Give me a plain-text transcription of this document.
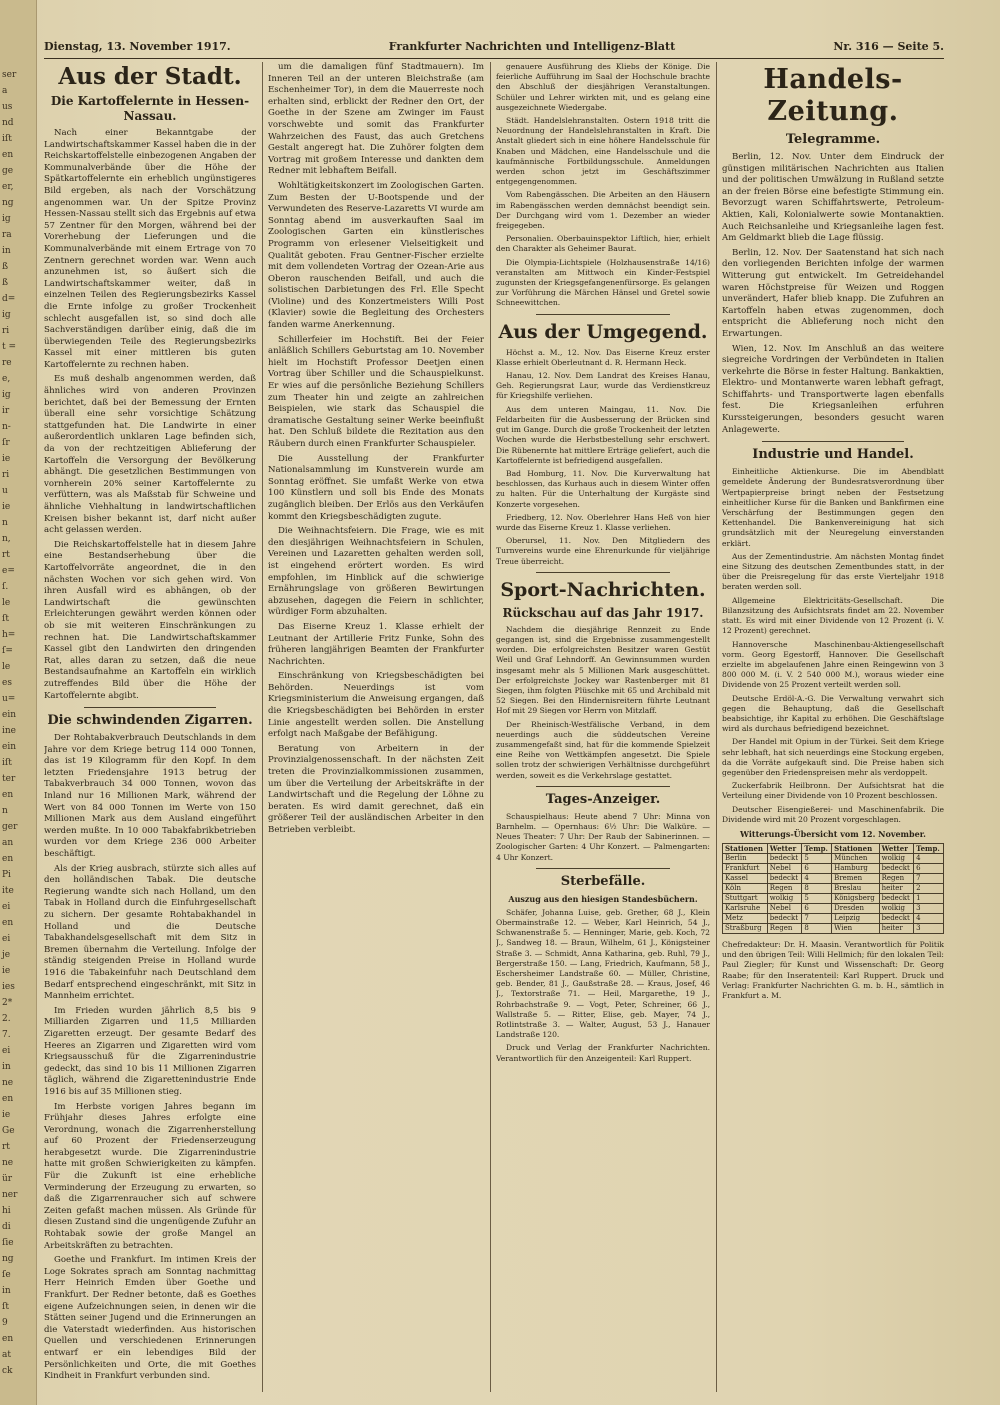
ser
a
us
nd
iſt
en
ge
er,
ng
ig
ra
in
ß
ß
d=
ig
ri
t =
re
e,
ig
ir
n-
ſr
ie
ri
u
ie
n
n,
rt
e=
ſ.
le
ſt
h=
ſ=
le
es
u=
ein
ine
ein
iſt
ter
en
n
ger
an
en
Pi
ite
ei
en
ei
je
ie
ies
2*
2.
7.
ei
in
ne
en
ie
Ge
rt
ne
ür
ner
hi
di
ſie
ng
ſe
in
ſt
9
en
at
ck
Dienstag, 13. November 1917.	Frankfurter Nachrichten und Intelligenz-Blatt	Nr. 316 — Seite 5.
Aus der Stadt.
Die Kartoffelernte in Hessen-Nassau.

Nach einer Bekanntgabe der Landwirtschaftskammer Kassel haben die in der Reichskartoffelstelle einbezogenen Angaben der Kommunalverbände über die Höhe der Spätkartoffelernte ein erheblich ungünstigeres Bild ergeben, als nach der Vorschätzung angenommen war. Un der Spitze Provinz Hessen-Nassau stellt sich das Ergebnis auf etwa 57 Zentner für den Morgen, während bei der Vorerhebung der Lieferungen und die Kommunalverbände mit einem Ertrage von 70 Zentnern gerechnet worden war. Wenn auch anzunehmen ist, so äußert sich die Landwirtschaftskammer weiter, daß in einzelnen Teilen des Regierungsbezirks Kassel die Ernte infolge zu großer Trockenheit schlecht ausgefallen ist, so sind doch alle Sachverständigen darüber einig, daß die im überwiegenden Teile des Regierungsbezirks Kassel mit einer mittleren bis guten Kartoffelernte zu rechnen haben.

Es muß deshalb angenommen werden, daß ähnliches wird von anderen Provinzen berichtet, daß bei der Bemessung der Ernten überall eine sehr vorsichtige Schätzung stattgefunden hat. Die Landwirte in einer außerordentlich unklaren Lage befinden sich, da von der rechtzeitigen Ablieferung der Kartoffeln die Versorgung der Bevölkerung abhängt. Die gesetzlichen Bestimmungen von vornherein 20% seiner Kartoffelernte zu verfüttern, was als Maßstab für Schweine und ähnliche Viehhaltung in landwirtschaftlichen Kreisen bisher bekannt ist, darf nicht außer acht gelassen werden.

Die Reichskartoffelstelle hat in diesem Jahre eine Bestandserhebung über die Kartoffelvorräte angeordnet, die in den nächsten Wochen vor sich gehen wird. Von ihren Ausfall wird es abhängen, ob der Landwirtschaft die gewünschten Erleichterungen gewährt werden können oder ob sie mit weiteren Einschränkungen zu rechnen hat. Die Landwirtschaftskammer Kassel gibt den Landwirten den dringenden Rat, alles daran zu setzen, daß die neue Bestandsaufnahme an Kartoffeln ein wirklich zutreffendes Bild über die Höhe der Kartoffelernte abgibt.

Die schwindenden Zigarren.

Der Rohtabakverbrauch Deutschlands in dem Jahre vor dem Kriege betrug 114 000 Tonnen, das ist 19 Kilogramm für den Kopf. In dem letzten Friedensjahre 1913 betrug der Tabakverbrauch 34 000 Tonnen, wovon das Inland nur 16 Millionen Mark, während der Wert von 84 000 Tonnen im Werte von 150 Millionen Mark aus dem Ausland eingeführt werden mußte. In 10 000 Tabakfabrikbetrieben wurden vor dem Kriege 236 000 Arbeiter beschäftigt.

Als der Krieg ausbrach, stürzte sich alles auf den holländischen Tabak. Die deutsche Regierung wandte sich nach Holland, um den Tabak in Holland durch die Einfuhrgesellschaft zu sichern. Der gesamte Rohtabakhandel in Holland und die Deutsche Tabakhandelsgesellschaft mit dem Sitz in Bremen übernahm die Verteilung. Infolge der ständig steigenden Preise in Holland wurde 1916 die Tabakeinfuhr nach Deutschland dem Bedarf entsprechend eingeschränkt, mit Sitz in Mannheim errichtet.

Im Frieden wurden jährlich 8,5 bis 9 Milliarden Zigarren und 11,5 Milliarden Zigaretten erzeugt. Der gesamte Bedarf des Heeres an Zigarren und Zigaretten wird vom Kriegsausschuß für die Zigarrenindustrie gedeckt, das sind 10 bis 11 Millionen Zigarren täglich, während die Zigarettenindustrie Ende 1916 bis auf 35 Millionen stieg.

Im Herbste vorigen Jahres begann im Frühjahr dieses Jahres erfolgte eine Verordnung, wonach die Zigarrenherstellung auf 60 Prozent der Friedenserzeugung herabgesetzt wurde. Die Zigarrenindustrie hatte mit großen Schwierigkeiten zu kämpfen. Für die Zukunft ist eine erhebliche Verminderung der Erzeugung zu erwarten, so daß die Zigarrenraucher sich auf schwere Zeiten gefaßt machen müssen. Als Gründe für diesen Zustand sind die ungenügende Zufuhr an Rohtabak sowie der große Mangel an Arbeitskräften zu betrachten.

Goethe und Frankfurt. Im intimen Kreis der Loge Sokrates sprach am Sonntag nachmittag Herr Heinrich Emden über Goethe und Frankfurt. Der Redner betonte, daß es Goethes eigene Aufzeichnungen seien, in denen wir die Stätten seiner Jugend und die Erinnerungen an die Vaterstadt wiederfinden. Aus historischen Quellen und verschiedenen Erinnerungen entwarf er ein lebendiges Bild der Persönlichkeiten und Orte, die mit Goethes Kindheit in Frankfurt verbunden sind.

um die damaligen fünf Stadtmauern). Im Inneren Teil an der unteren Bleichstraße (am Eschenheimer Tor), in dem die Mauerreste noch erhalten sind, erblickt der Redner den Ort, der Goethe in der Szene am Zwinger im Faust vorschwebte und somit das Frankfurter Wahrzeichen des Faust, das auch Gretchens Gestalt angeregt hat. Die Zuhörer folgten dem Vortrag mit großem Interesse und dankten dem Redner mit lebhaftem Beifall.

Wohltätigkeitskonzert im Zoologischen Garten. Zum Besten der U-Bootspende und der Verwundeten des Reserve-Lazaretts VI wurde am Sonntag abend im ausverkauften Saal im Zoologischen Garten ein künstlerisches Programm von erlesener Vielseitigkeit und Qualität geboten. Frau Gentner-Fischer erzielte mit dem vollendeten Vortrag der Ozean-Arie aus Oberon rauschenden Beifall, und auch die solistischen Darbietungen des Frl. Elle Specht (Violine) und des Konzertmeisters Willi Post (Klavier) sowie die Begleitung des Orchesters fanden warme Anerkennung.

Schillerfeier im Hochstift. Bei der Feier anläßlich Schillers Geburtstag am 10. November hielt im Hochstift Professor Deetjen einen Vortrag über Schiller und die Schauspielkunst. Er wies auf die persönliche Beziehung Schillers zum Theater hin und zeigte an zahlreichen Beispielen, wie stark das Schauspiel die dramatische Gestaltung seiner Werke beeinflußt hat. Den Schluß bildete die Rezitation aus den Räubern durch einen Frankfurter Schauspieler.

Die Ausstellung der Frankfurter Nationalsammlung im Kunstverein wurde am Sonntag eröffnet. Sie umfaßt Werke von etwa 100 Künstlern und soll bis Ende des Monats zugänglich bleiben. Der Erlös aus den Verkäufen kommt den Kriegsbeschädigten zugute.

Die Weihnachtsfeiern. Die Frage, wie es mit den diesjährigen Weihnachtsfeiern in Schulen, Vereinen und Lazaretten gehalten werden soll, ist eingehend erörtert worden. Es wird empfohlen, im Hinblick auf die schwierige Ernährungslage von größeren Bewirtungen abzusehen, dagegen die Feiern in schlichter, würdiger Form abzuhalten.

Das Eiserne Kreuz 1. Klasse erhielt der Leutnant der Artillerie Fritz Funke, Sohn des früheren langjährigen Beamten der Frankfurter Nachrichten.

Einschränkung von Kriegsbeschädigten bei Behörden. Neuerdings ist vom Kriegsministerium die Anweisung ergangen, daß die Kriegsbeschädigten bei Behörden in erster Linie angestellt werden sollen. Die Anstellung erfolgt nach Maßgabe der Befähigung.

Beratung von Arbeitern in der Provinzialgenossenschaft. In der nächsten Zeit treten die Provinzialkommissionen zusammen, um über die Verteilung der Arbeitskräfte in der Landwirtschaft und die Regelung der Löhne zu beraten. Es wird damit gerechnet, daß ein größerer Teil der ausländischen Arbeiter in den Betrieben verbleibt.

genauere Ausführung des Kliebs der Könige. Die feierliche Aufführung im Saal der Hochschule brachte den Abschluß der diesjährigen Veranstaltungen. Schüler und Lehrer wirkten mit, und es gelang eine ausgezeichnete Wiedergabe.

Städt. Handelslehranstalten. Ostern 1918 tritt die Neuordnung der Handelslehranstalten in Kraft. Die Anstalt gliedert sich in eine höhere Handelsschule für Knaben und Mädchen, eine Handelsschule und die kaufmännische Fortbildungsschule. Anmeldungen werden schon jetzt im Geschäftszimmer entgegengenommen.

Vom Rabengässchen. Die Arbeiten an den Häusern im Rabengässchen werden demnächst beendigt sein. Der Durchgang wird vom 1. Dezember an wieder freigegeben.

Personalien. Oberbauinspektor Liftlich, hier, erhielt den Charakter als Geheimer Baurat.

Die Olympia-Lichtspiele (Holzhausenstraße 14/16) veranstalten am Mittwoch ein Kinder-Festspiel zugunsten der Kriegsgefangenenfürsorge. Es gelangen zur Vorführung die Märchen Hänsel und Gretel sowie Schneewittchen.

Aus der Umgegend.

Höchst a. M., 12. Nov. Das Eiserne Kreuz erster Klasse erhielt Oberleutnant d. R. Hermann Heck.

Hanau, 12. Nov. Dem Landrat des Kreises Hanau, Geh. Regierungsrat Laur, wurde das Verdienstkreuz für Kriegshilfe verliehen.

Aus dem unteren Maingau, 11. Nov. Die Feldarbeiten für die Ausbesserung der Brücken sind gut im Gange. Durch die große Trockenheit der letzten Wochen wurde die Herbstbestellung sehr erschwert. Die Rübenernte hat mittlere Erträge geliefert, auch die Kartoffelernte ist befriedigend ausgefallen.

Bad Homburg, 11. Nov. Die Kurverwaltung hat beschlossen, das Kurhaus auch in diesem Winter offen zu halten. Für die Unterhaltung der Kurgäste sind Konzerte vorgesehen.

Friedberg, 12. Nov. Oberlehrer Hans Heß von hier wurde das Eiserne Kreuz 1. Klasse verliehen.

Oberursel, 11. Nov. Den Mitgliedern des Turnvereins wurde eine Ehrenurkunde für vieljährige Treue überreicht.

Sport-Nachrichten.
Rückschau auf das Jahr 1917.

Nachdem die diesjährige Rennzeit zu Ende gegangen ist, sind die Ergebnisse zusammengestellt worden. Die erfolgreichsten Besitzer waren Gestüt Weil und Graf Lehndorff. An Gewinnsummen wurden insgesamt mehr als 5 Millionen Mark ausgeschüttet. Der erfolgreichste Jockey war Rastenberger mit 81 Siegen, ihm folgten Plüschke mit 65 und Archibald mit 52 Siegen. Bei den Hindernisreitern führte Leutnant Hof mit 29 Siegen vor Herrn von Mitzlaff.

Der Rheinisch-Westfälische Verband, in dem neuerdings auch die süddeutschen Vereine zusammengefaßt sind, hat für die kommende Spielzeit eine Reihe von Wettkämpfen angesetzt. Die Spiele sollen trotz der schwierigen Verhältnisse durchgeführt werden, soweit es die Verkehrslage gestattet.

Tages-Anzeiger.

Schauspielhaus: Heute abend 7 Uhr: Minna von Barnhelm. — Opernhaus: 6½ Uhr: Die Walküre. — Neues Theater: 7 Uhr: Der Raub der Sabinerinnen. — Zoologischer Garten: 4 Uhr Konzert. — Palmengarten: 4 Uhr Konzert.

Sterbefälle.
Auszug aus den hiesigen Standesbüchern.

Schäfer, Johanna Luise, geb. Grether, 68 J., Klein Obermainstraße 12. — Weber, Karl Heinrich, 54 J., Schwanenstraße 5. — Henninger, Marie, geb. Koch, 72 J., Sandweg 18. — Braun, Wilhelm, 61 J., Königsteiner Straße 3. — Schmidt, Anna Katharina, geb. Ruhl, 79 J., Bergerstraße 150. — Lang, Friedrich, Kaufmann, 58 J., Eschersheimer Landstraße 60. — Müller, Christine, geb. Bender, 81 J., Gaußstraße 28. — Kraus, Josef, 46 J., Textorstraße 71. — Heil, Margarethe, 19 J., Rohrbachstraße 9. — Vogt, Peter, Schreiner, 66 J., Wallstraße 5. — Ritter, Elise, geb. Mayer, 74 J., Rotlintstraße 3. — Walter, August, 53 J., Hanauer Landstraße 120.

Druck und Verlag der Frankfurter Nachrichten. Verantwortlich für den Anzeigenteil: Karl Ruppert.

Handels-Zeitung.
Telegramme.

Berlin, 12. Nov. Unter dem Eindruck der günstigen militärischen Nachrichten aus Italien und der politischen Umwälzung in Rußland setzte an der freien Börse eine befestigte Stimmung ein. Bevorzugt waren Schiffahrtswerte, Petroleum-Aktien, Kali, Kolonialwerte sowie Montanaktien. Auch Reichsanleihe und Kriegsanleihe lagen fest. Am Geldmarkt blieb die Lage flüssig.

Berlin, 12. Nov. Der Saatenstand hat sich nach den vorliegenden Berichten infolge der warmen Witterung gut entwickelt. Im Getreidehandel waren Höchstpreise für Weizen und Roggen unverändert, Hafer blieb knapp. Die Zufuhren an Kartoffeln haben etwas zugenommen, doch entspricht die Ablieferung noch nicht den Erwartungen.

Wien, 12. Nov. Im Anschluß an das weitere siegreiche Vordringen der Verbündeten in Italien verkehrte die Börse in fester Haltung. Bankaktien, Elektro- und Montanwerte waren lebhaft gefragt, Schiffahrts- und Transportwerte lagen ebenfalls fest. Die Kriegsanleihen erfuhren Kurssteigerungen, besonders gesucht waren Anlagewerte.

Industrie und Handel.

Einheitliche Aktienkurse. Die im Abendblatt gemeldete Änderung der Bundesratsverordnung über Wertpapierpreise bringt neben der Festsetzung einheitlicher Kurse für die Banken und Bankfirmen eine Verschärfung der Bestimmungen gegen den Kettenhandel. Die Bankenvereinigung hat sich grundsätzlich mit der Neuregelung einverstanden erklärt.

Aus der Zementindustrie. Am nächsten Montag findet eine Sitzung des deutschen Zementbundes statt, in der über die Preisregelung für das erste Vierteljahr 1918 beraten werden soll.

Allgemeine Elektricitäts-Gesellschaft. Die Bilanzsitzung des Aufsichtsrats findet am 22. November statt. Es wird mit einer Dividende von 12 Prozent (i. V. 12 Prozent) gerechnet.

Hannoversche Maschinenbau-Aktiengesellschaft vorm. Georg Egestorff, Hannover. Die Gesellschaft erzielte im abgelaufenen Jahre einen Reingewinn von 3 800 000 M. (i. V. 2 540 000 M.), woraus wieder eine Dividende von 25 Prozent verteilt werden soll.

Deutsche Erdöl-A.-G. Die Verwaltung verwahrt sich gegen die Behauptung, daß die Gesellschaft beabsichtige, ihr Kapital zu erhöhen. Die Geschäftslage wird als durchaus befriedigend bezeichnet.

Der Handel mit Opium in der Türkei. Seit dem Kriege sehr lebhaft, hat sich neuerdings eine Stockung ergeben, da die Vorräte aufgekauft sind. Die Preise haben sich gegenüber den Friedenspreisen mehr als verdoppelt.

Zuckerfabrik Heilbronn. Der Aufsichtsrat hat die Verteilung einer Dividende von 10 Prozent beschlossen.

Deutscher Eisengießerei- und Maschinenfabrik. Die Dividende wird mit 20 Prozent vorgeschlagen.

Witterungs-Übersicht vom 12. November.
Stationen	Wetter	Temp.	Stationen	Wetter	Temp.
Berlin	bedeckt	5	München	wolkig	4
Frankfurt	Nebel	6	Hamburg	bedeckt	6
Kassel	bedeckt	4	Bremen	Regen	7
Köln	Regen	8	Breslau	heiter	2
Stuttgart	wolkig	5	Königsberg	bedeckt	1
Karlsruhe	Nebel	6	Dresden	wolkig	3
Metz	bedeckt	7	Leipzig	bedeckt	4
Straßburg	Regen	8	Wien	heiter	3

Chefredakteur: Dr. H. Maasin. Verantwortlich für Politik und den übrigen Teil: Willi Hellmich; für den lokalen Teil: Paul Ziegler; für Kunst und Wissenschaft: Dr. Georg Raabe; für den Inseratenteil: Karl Ruppert. Druck und Verlag: Frankfurter Nachrichten G. m. b. H., sämtlich in Frankfurt a. M.
